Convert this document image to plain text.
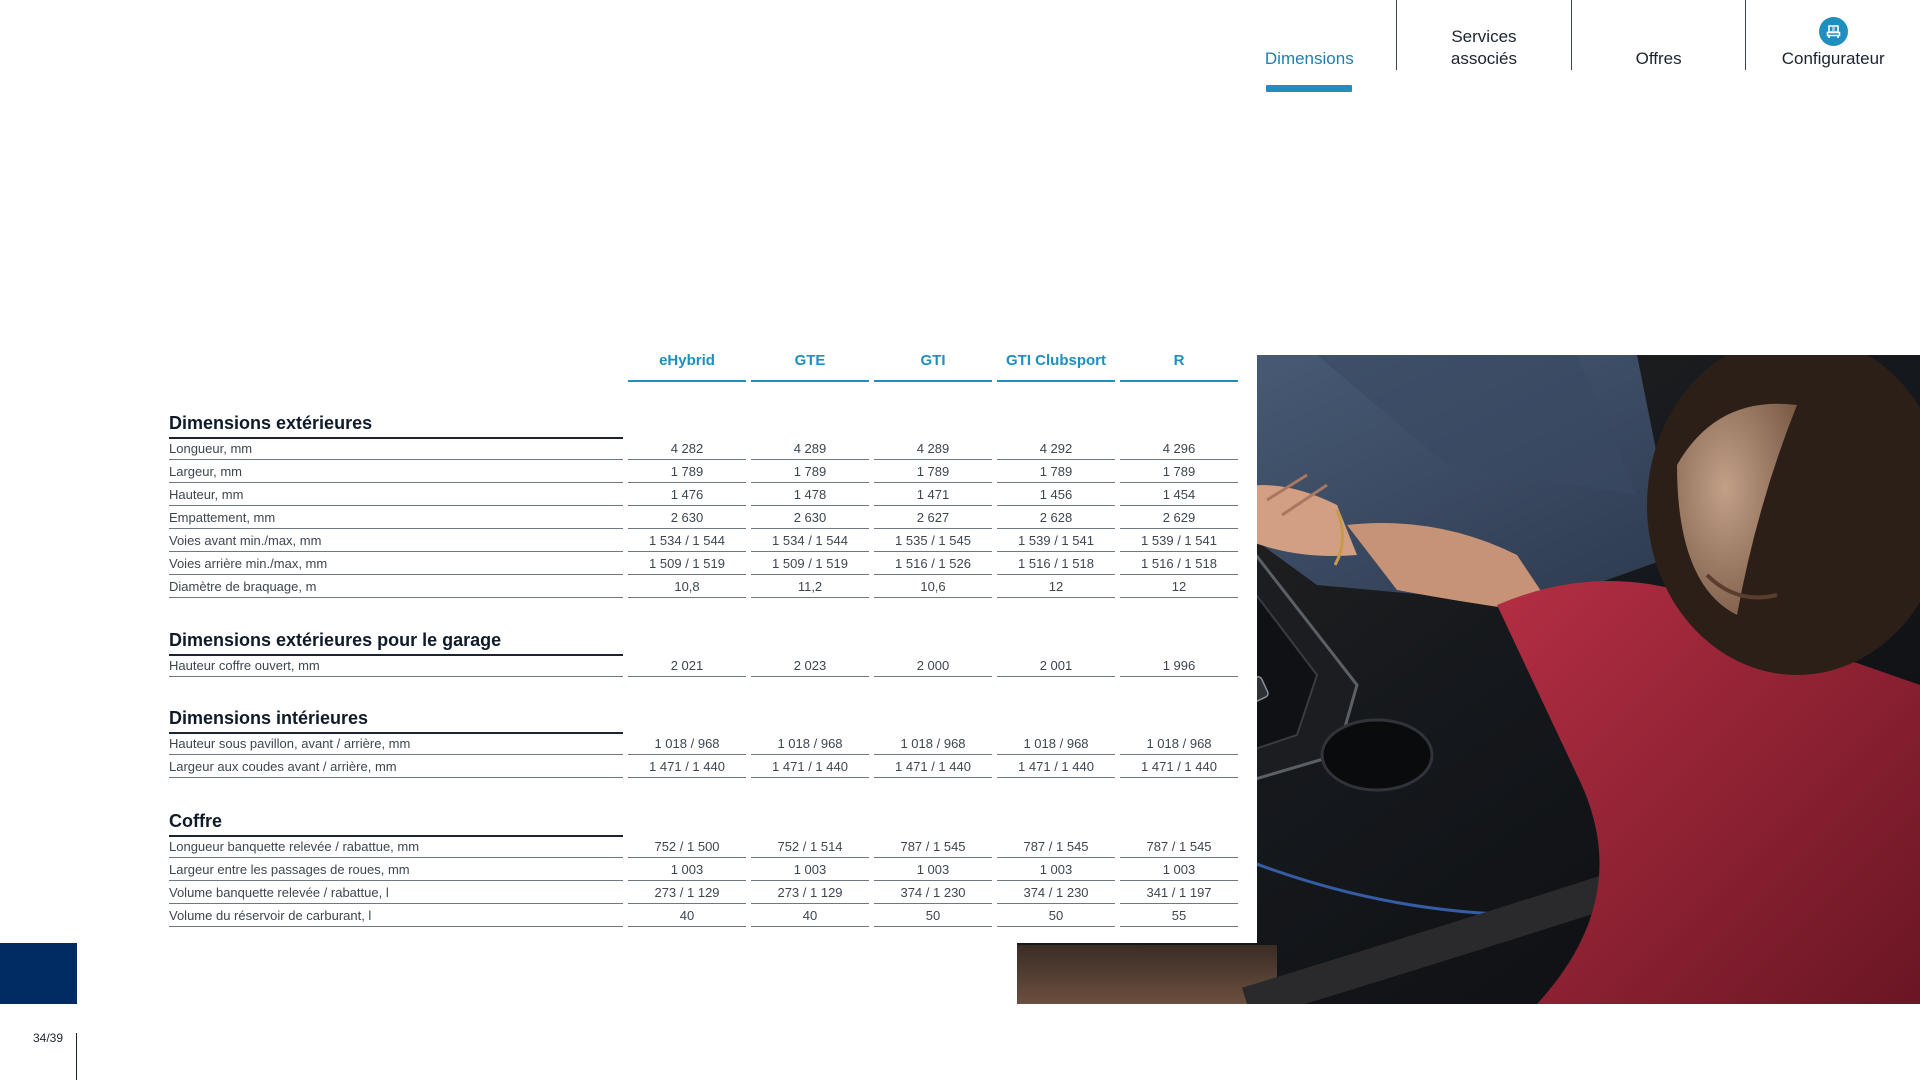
Dimensions
Services
associés	Offres	Configurateur
34/39
eHybrid	GTE	GTI	GTI Clubsport	R
Dimensions extérieures
Longueur, mm	4 282	4 289	4 289	4 292	4 296
Largeur, mm	1 789	1 789	1 789	1 789	1 789
Hauteur, mm	1 476	1 478	1 471	1 456	1 454
Empattement, mm	2 630	2 630	2 627	2 628	2 629
Voies avant min./max, mm	1 534 / 1 544	1 534 / 1 544	1 535 / 1 545	1 539 / 1 541	1 539 / 1 541
Voies arrière min./max, mm	1 509 / 1 519	1 509 / 1 519	1 516 / 1 526	1 516 / 1 518	1 516 / 1 518
Diamètre de braquage, m	10,8	11,2	10,6	12	12
Dimensions extérieures pour le garage
Hauteur coffre ouvert, mm	2 021	2 023	2 000	2 001	1 996
Dimensions intérieures
Hauteur sous pavillon, avant / arrière, mm	1 018 / 968	1 018 / 968	1 018 / 968	1 018 / 968	1 018 / 968
Largeur aux coudes avant / arrière, mm	1 471 / 1 440	1 471 / 1 440	1 471 / 1 440	1 471 / 1 440	1 471 / 1 440
Coffre
Longueur banquette relevée / rabattue, mm	752 / 1 500	752 / 1 514	787 / 1 545	787 / 1 545	787 / 1 545
Largeur entre les passages de roues, mm	1 003	1 003	1 003	1 003	1 003
Volume banquette relevée / rabattue, l	273 / 1 129	273 / 1 129	374 / 1 230	374 / 1 230	341 / 1 197
Volume du réservoir de carburant, l	40	40	50	50	55
